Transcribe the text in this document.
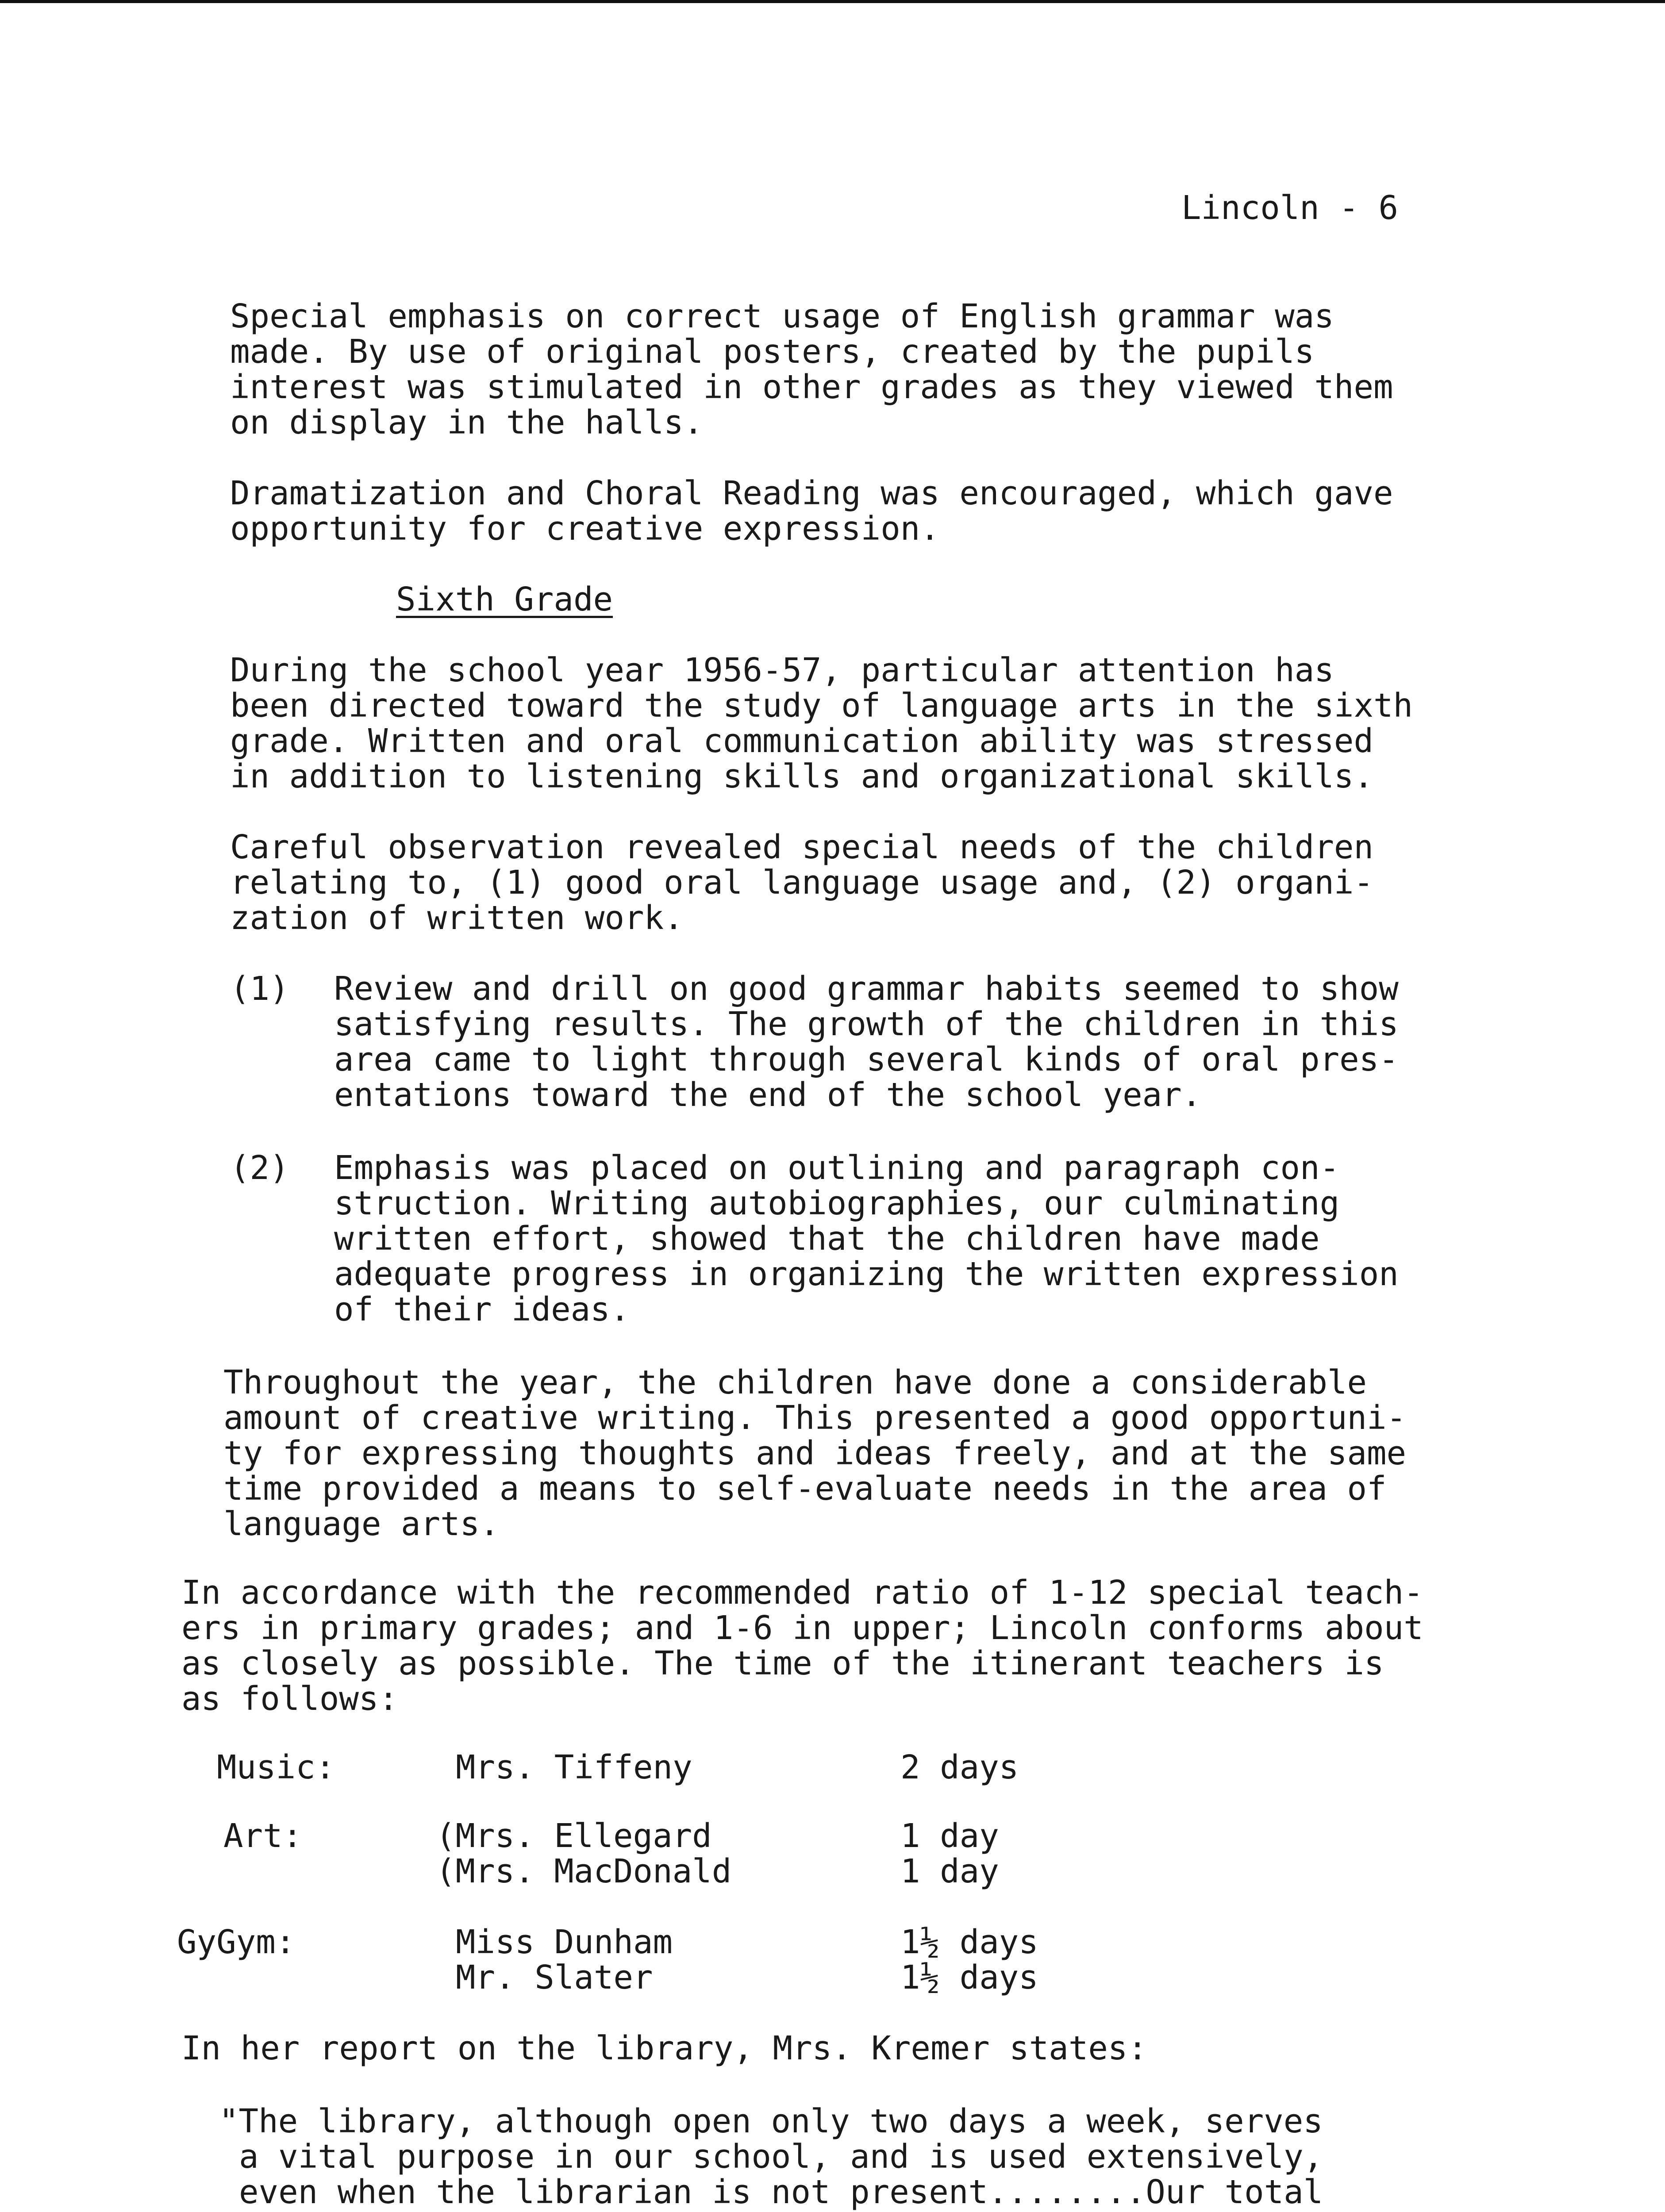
Lincoln - 6
Special emphasis on correct usage of English grammar was
made. By use of original posters, created by the pupils
interest was stimulated in other grades as they viewed them
on display in the halls.
Dramatization and Choral Reading was encouraged, which gave
opportunity for creative expression.
Sixth Grade
During the school year 1956-57, particular attention has
been directed toward the study of language arts in the sixth
grade. Written and oral communication ability was stressed
in addition to listening skills and organizational skills.
Careful observation revealed special needs of the children
relating to, (1) good oral language usage and, (2) organi-
zation of written work.
(1) Review and drill on good grammar habits seemed to show
satisfying results. The growth of the children in this
area came to light through several kinds of oral pres-
entations toward the end of the school year.
(2) Emphasis was placed on outlining and paragraph con-
struction. Writing autobiographies, our culminating
written effort, showed that the children have made
adequate progress in organizing the written expression
of their ideas.
Throughout the year, the children have done a considerable
amount of creative writing. This presented a good opportuni-
ty for expressing thoughts and ideas freely, and at the same
time provided a means to self-evaluate needs in the area of
language arts.
In accordance with the recommended ratio of 1-12 special teach-
ers in primary grades; and 1-6 in upper; Lincoln conforms about
as closely as possible. The time of the itinerant teachers is
as follows:
Music:	Mrs. Tiffeny	2 days
Art:	(Mrs. Ellegard	1 day
(Mrs. MacDonald	1 day
GyGym:	Miss Dunham	1½ days
Mr. Slater	1½ days
In her report on the library, Mrs. Kremer states:
"The library, although open only two days a week, serves
a vital purpose in our school, and is used extensively,
even when the librarian is not present........Our total
